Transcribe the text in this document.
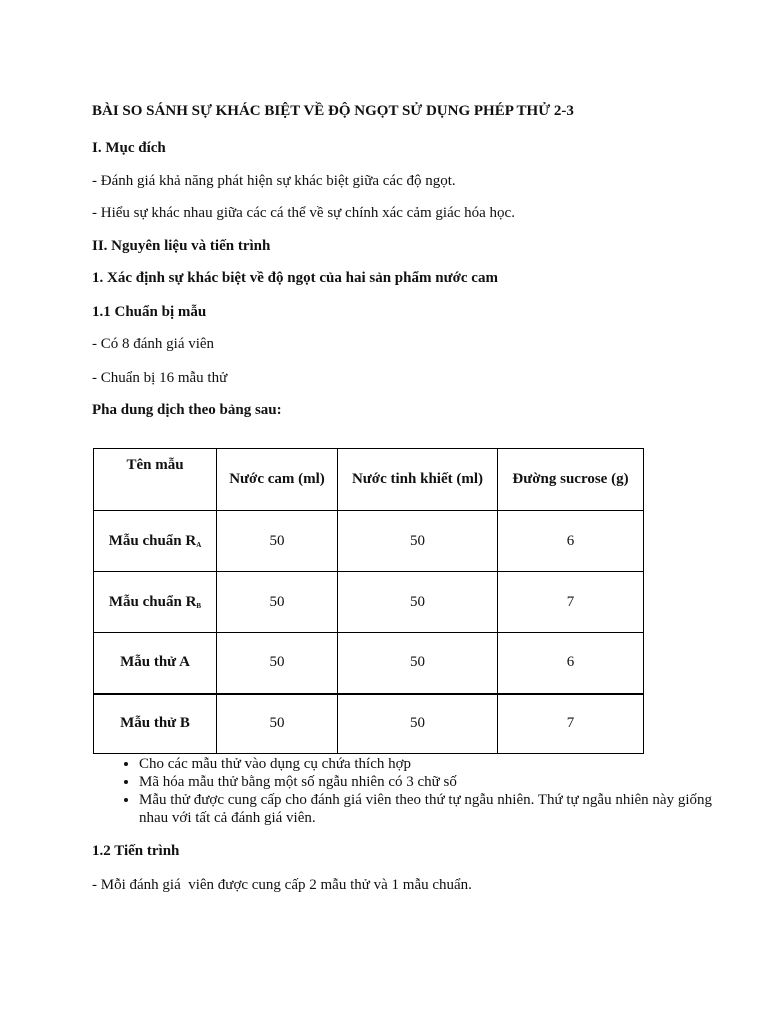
BÀI SO SÁNH SỰ KHÁC BIỆT VỀ ĐỘ NGỌT SỬ DỤNG PHÉP THỬ 2-3
I. Mục đích
- Đánh giá khả năng phát hiện sự khác biệt giữa các độ ngọt.
- Hiểu sự khác nhau giữa các cá thể về sự chính xác cảm giác hóa học.
II. Nguyên liệu và tiến trình
1. Xác định sự khác biệt về độ ngọt của hai sản phẩm nước cam
1.1 Chuẩn bị mẫu
- Có 8 đánh giá viên
- Chuẩn bị 16 mẫu thử
Pha dung dịch theo bảng sau:
Tên mẫu	Nước cam (ml)	Nước tinh khiết (ml)	Đường sucrose (g)
Mẫu chuẩn $R_A$	50	50	6
Mẫu chuẩn $R_B$	50	50	7
Mẫu thử A	50	50	6
Mẫu thử B	50	50	7
• Cho các mẫu thử vào dụng cụ chứa thích hợp
• Mã hóa mẫu thử bằng một số ngẫu nhiên có 3 chữ số
• Mẫu thử được cung cấp cho đánh giá viên theo thứ tự ngẫu nhiên. Thứ tự ngẫu nhiên này giống nhau với tất cả đánh giá viên.
1.2 Tiến trình
- Mỗi đánh giá  viên được cung cấp 2 mẫu thử và 1 mẫu chuẩn.
